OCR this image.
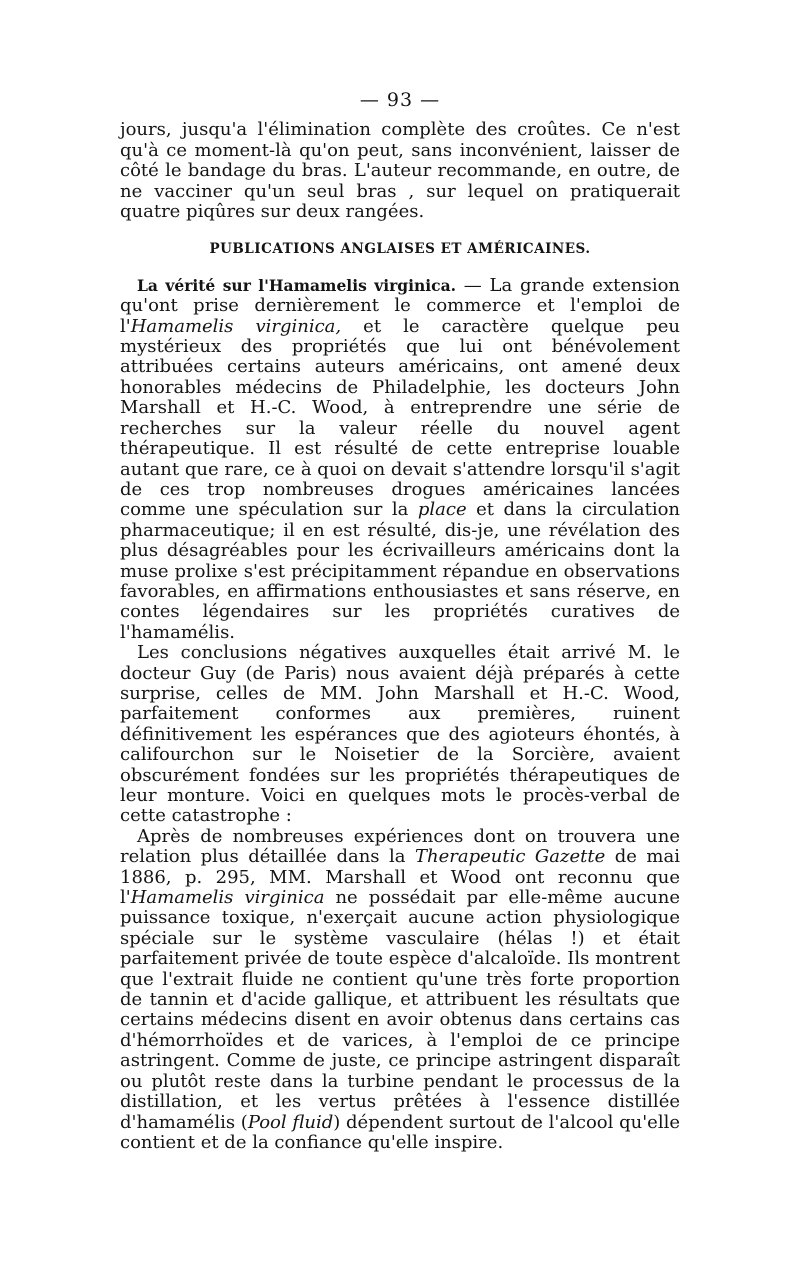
— 93 —

jours, jusqu'a l'élimination complète des croûtes. Ce n'est qu'à ce moment-là qu'on peut, sans inconvénient, laisser de côté le bandage du bras. L'auteur recommande, en outre, de ne vacciner qu'un seul bras , sur lequel on pratiquerait quatre piqûres sur deux rangées.

PUBLICATIONS ANGLAISES ET AMÉRICAINES.

La vérité sur l'Hamamelis virginica. — La grande extension qu'ont prise dernièrement le commerce et l'emploi de l'Hamamelis virginica, et le caractère quelque peu mystérieux des propriétés que lui ont bénévolement attribuées certains auteurs américains, ont amené deux honorables médecins de Philadelphie, les docteurs John Marshall et H.-C. Wood, à entreprendre une série de recherches sur la valeur réelle du nouvel agent thérapeutique. Il est résulté de cette entreprise louable autant que rare, ce à quoi on devait s'attendre lorsqu'il s'agit de ces trop nombreuses drogues américaines lancées comme une spéculation sur la place et dans la circulation pharmaceutique; il en est résulté, dis-je, une révélation des plus désagréables pour les écrivailleurs américains dont la muse prolixe s'est précipitamment répandue en observations favorables, en affirmations enthousiastes et sans réserve, en contes légendaires sur les propriétés curatives de l'hamamélis.

Les conclusions négatives auxquelles était arrivé M. le docteur Guy (de Paris) nous avaient déjà préparés à cette surprise, celles de MM. John Marshall et H.-C. Wood, parfaitement conformes aux premières, ruinent définitivement les espérances que des agioteurs éhontés, à califourchon sur le Noisetier de la Sorcière, avaient obscurément fondées sur les propriétés thérapeutiques de leur monture. Voici en quelques mots le procès-verbal de cette catastrophe :

Après de nombreuses expériences dont on trouvera une relation plus détaillée dans la Therapeutic Gazette de mai 1886, p. 295, MM. Marshall et Wood ont reconnu que l'Hamamelis virginica ne possédait par elle-même aucune puissance toxique, n'exerçait aucune action physiologique spéciale sur le système vasculaire (hélas !) et était parfaitement privée de toute espèce d'alcaloïde. Ils montrent que l'extrait fluide ne contient qu'une très forte proportion de tannin et d'acide gallique, et attribuent les résultats que certains médecins disent en avoir obtenus dans certains cas d'hémorrhoïdes et de varices, à l'emploi de ce principe astringent. Comme de juste, ce principe astringent disparaît ou plutôt reste dans la turbine pendant le processus de la distillation, et les vertus prêtées à l'essence distillée d'hamamélis (Pool fluid) dépendent surtout de l'alcool qu'elle contient et de la confiance qu'elle inspire.
